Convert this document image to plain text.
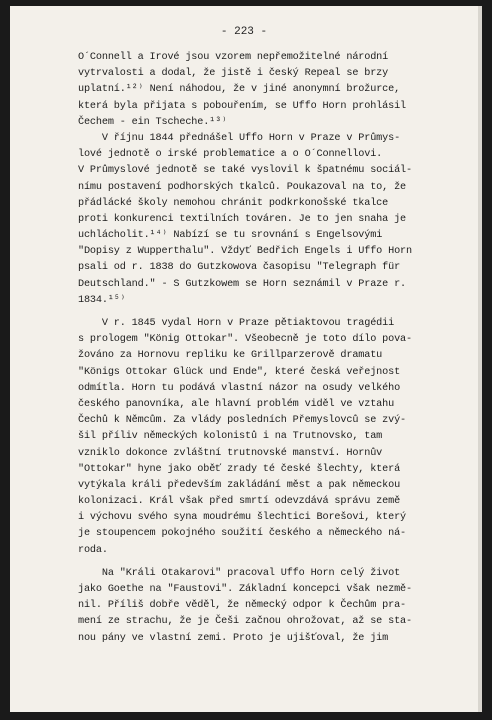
- 223 -
O´Connell a Irové jsou vzorem nepřemožitelné národní
vytrvalosti a dodal, že jistě i český Repeal se brzy
uplatní.¹²⁾ Není náhodou, že v jiné anonymní brožurce,
která byla přijata s pobouřením, se Uffo Horn prohlásil
Čechem - ein Tscheche.¹³⁾
V říjnu 1844 přednášel Uffo Horn v Praze v Průmys-
lové jednotě o irské problematice a o O´Connellovi.
V Průmyslové jednotě se také vyslovil k špatnému sociál-
nímu postavení podhorských tkalců. Poukazoval na to, že
přádlácké školy nemohou chránit podkrkonošské tkalce
proti konkurenci textilních továren. Je to jen snaha je
uchlácholit.¹⁴⁾ Nabízí se tu srovnání s Engelsovými
"Dopisy z Wupperthalu". Vždyť Bedřich Engels i Uffo Horn
psali od r. 1838 do Gutzkowova časopisu "Telegraph für
Deutschland." - S Gutzkowem se Horn seznámil v Praze r.
1834.¹⁵⁾
V r. 1845 vydal Horn v Praze pětiaktovou tragédii
s prologem "König Ottokar". Všeobecně je toto dílo pova-
žováno za Hornovu repliku ke Grillparzerově dramatu
"Königs Ottokar Glück und Ende", které česká veřejnost
odmítla. Horn tu podává vlastní názor na osudy velkého
českého panovníka, ale hlavní problém viděl ve vztahu
Čechů k Němcům. Za vlády posledních Přemyslovců se zvý-
šil příliv německých kolonistů i na Trutnovsko, tam
vzniklo dokonce zvláštní trutnovské manství. Hornův
"Ottokar" hyne jako oběť zrady té české šlechty, která
vytýkala králi především zakládání měst a pak německou
kolonizaci. Král však před smrtí odevzdává správu země
i výchovu svého syna moudrému šlechtici Borešovi, který
je stoupencem pokojného soužití českého a německého ná-
roda.
Na "Králi Otakarovi" pracoval Uffo Horn celý život
jako Goethe na "Faustovi". Základní koncepci však nezmě-
nil. Příliš dobře věděl, že německý odpor k Čechům pra-
mení ze strachu, že je Češi začnou ohrožovat, až se sta-
nou pány ve vlastní zemi. Proto je ujišťoval, že jim
